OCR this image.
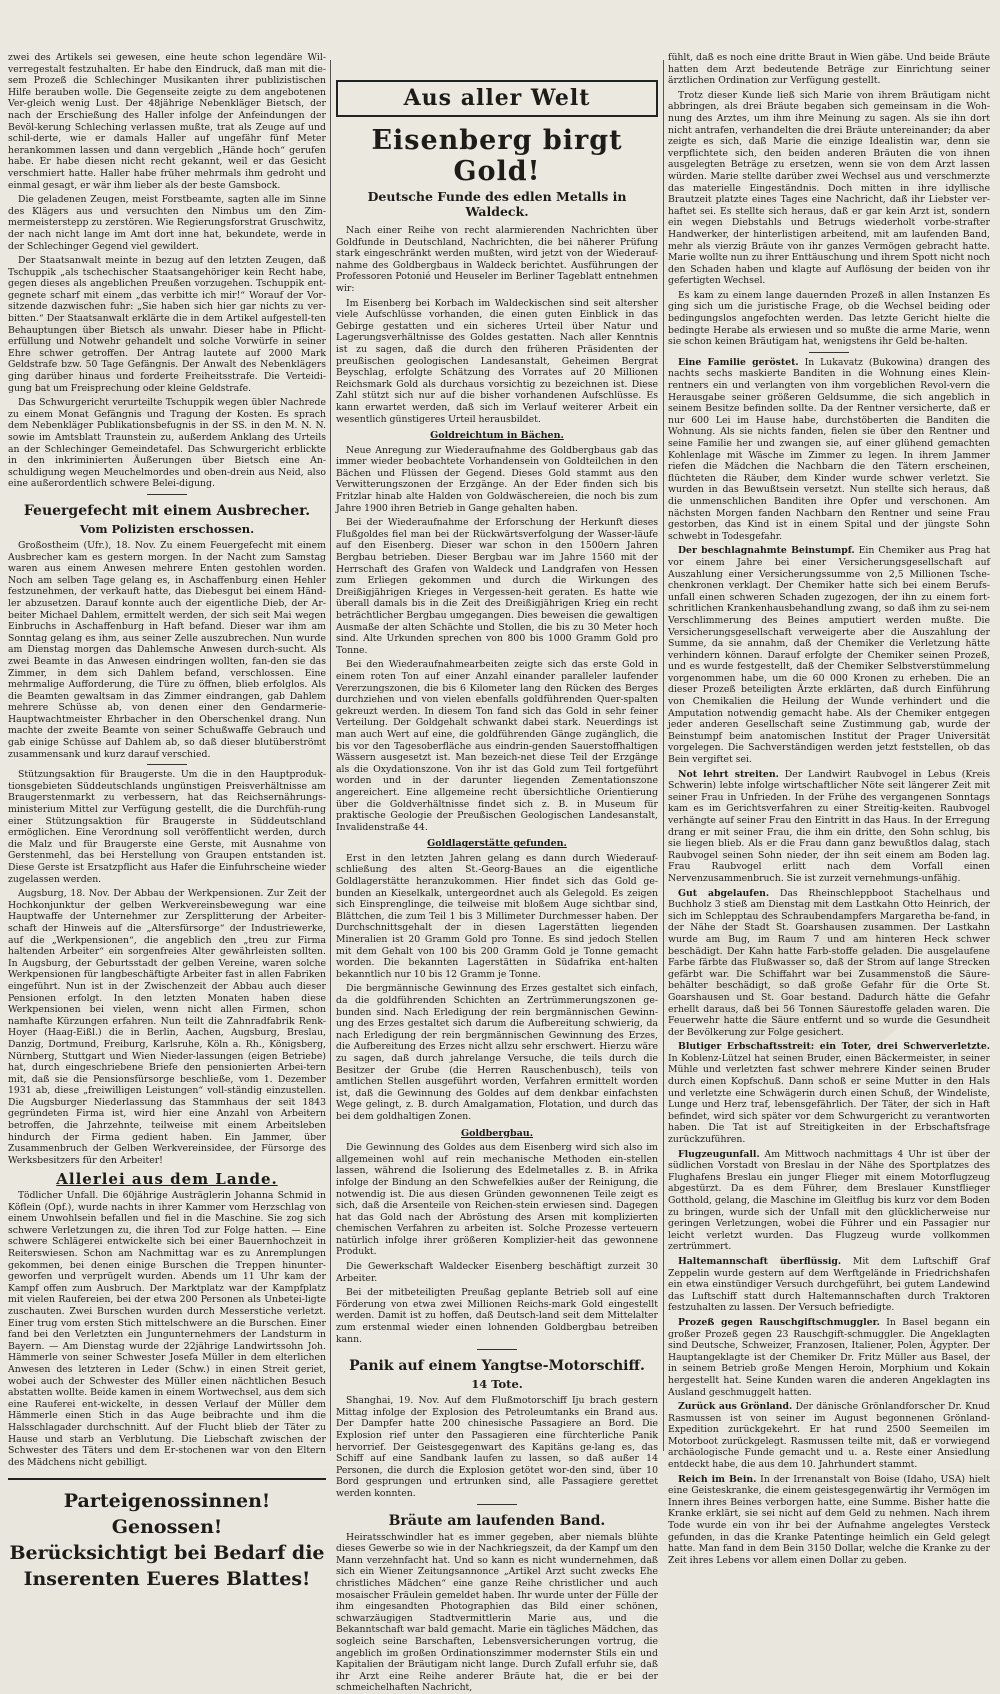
zwei des Artikels sei gewesen, eine heute schon legendäre Wil-verregestalt festzuhalten. Er habe den Eindruck, daß man mit die-sem Prozeß die Schlechinger Musikanten ihrer publizistischen Hilfe berauben wolle. Die Gegenseite zeigte zu dem angebotenen Ver-gleich wenig Lust. Der 48jährige Nebenkläger Bietsch, der nach der Erschießung des Haller infolge der Anfeindungen der Bevöl-kerung Schleching verlassen mußte, trat als Zeuge auf und schil-derte, wie er damals Haller auf ungefähr fünf Meter herankommen lassen und dann vergeblich „Hände hoch“ gerufen habe. Er habe diesen nicht recht gekannt, weil er das Gesicht verschmiert hatte. Haller habe früher mehrmals ihm gedroht und einmal gesagt, er wär ihm lieber als der beste Gamsbock.

Die geladenen Zeugen, meist Forstbeamte, sagten alle im Sinne des Klägers aus und versuchten den Nimbus um den Zim-mermeisterstepp zu zerstören. Wie Regierungsforstrat Gruschwitz, der nach nicht lange im Amt dort inne hat, bekundete, werde in der Schlechinger Gegend viel gewildert.

Der Staatsanwalt meinte in bezug auf den letzten Zeugen, daß Tschuppik „als tschechischer Staatsangehöriger kein Recht habe, gegen dieses als angeblichen Preußen vorzugehen. Tschuppik ent-gegnete scharf mit einem „das verbitte ich mir!“ Worauf der Vor-sitzende dazwischen fuhr: „Sie haben sich hier gar nichts zu ver-bitten.“ Der Staatsanwalt erklärte die in dem Artikel aufgestell-ten Behauptungen über Bietsch als unwahr. Dieser habe in Pflicht-erfüllung und Notwehr gehandelt und solche Vorwürfe in seiner Ehre schwer getroffen. Der Antrag lautete auf 2000 Mark Geldstrafe bzw. 50 Tage Gefängnis. Der Anwalt des Nebenklägers ging darüber hinaus und forderte Freiheitsstrafe. Die Verteidi-gung bat um Freisprechung oder kleine Geldstrafe.

Das Schwurgericht verurteilte Tschuppik wegen übler Nachrede zu einem Monat Gefängnis und Tragung der Kosten. Es sprach dem Nebenkläger Publikationsbefugnis in der SS. in den M. N. N. sowie im Amtsblatt Traunstein zu, außerdem Anklang des Urteils an der Schlechinger Gemeindetafel. Das Schwurgericht erblickte in den inkriminierten Äußerungen über Bietsch eine An-schuldigung wegen Meuchelmordes und oben-drein aus Neid, also eine außerordentlich schwere Belei-digung.

Feuergefecht mit einem Ausbrecher.
Vom Polizisten erschossen.

Großostheim (Ufr.), 18. Nov. Zu einem Feuergefecht mit einem Ausbrecher kam es gestern morgen. In der Nacht zum Samstag waren aus einem Anwesen mehrere Enten gestohlen worden. Noch am selben Tage gelang es, in Aschaffenburg einen Hehler festzunehmen, der verkauft hatte, das Diebesgut bei einem Händ-ler abzusetzen. Darauf konnte auch der eigentliche Dieb, der Ar-beiter Michael Dahlem, ermittelt werden, der sich seit Mai wegen Einbruchs in Aschaffenburg in Haft befand. Dieser war ihm am Sonntag gelang es ihm, aus seiner Zelle auszubrechen. Nun wurde am Dienstag morgen das Dahlemsche Anwesen durch-sucht. Als zwei Beamte in das Anwesen eindringen wollten, fan-den sie das Zimmer, in dem sich Dahlem befand, verschlossen. Eine mehrmalige Aufforderung, die Türe zu öffnen, blieb erfolglos. Als die Beamten gewaltsam in das Zimmer eindrangen, gab Dahlem mehrere Schüsse ab, von denen einer den Gendarmerie-Hauptwachtmeister Ehrbacher in den Oberschenkel drang. Nun machte der zweite Beamte von seiner Schußwaffe Gebrauch und gab einige Schüsse auf Dahlem ab, so daß dieser blutüberströmt zusammensank und kurz darauf verschied.

Stützungsaktion für Braugerste. Um die in den Hauptproduk-tionsgebieten Süddeutschlands ungünstigen Preisverhältnisse am Braugerstenmarkt zu verbessern, hat das Reichsernährungs-ministerium Mittel zur Verfügung gestellt, die die Durchfüh-rung einer Stützungsaktion für Braugerste in Süddeutschland ermöglichen. Eine Verordnung soll veröffentlicht werden, durch die Malz und für Braugerste eine Gerste, mit Ausnahme von Gerstenmehl, das bei Herstellung von Graupen entstanden ist. Diese Gerste ist Ersatzpflicht aus Hafer die Einfuhrscheine wieder zugelassen werden.

Augsburg, 18. Nov. Der Abbau der Werkpensionen. Zur Zeit der Hochkonjunktur der gelben Werkvereinsbewegung war eine Hauptwaffe der Unternehmer zur Zersplitterung der Arbeiter-schaft der Hinweis auf die „Altersfürsorge“ der Industriewerke, auf die „Werkpensionen“, die angeblich den „treu zur Firma haltenden Arbeiter“ ein sorgenfreies Alter gewährleisten sollten. In Augsburg, der Geburtsstadt der gelben Vereine, waren solche Werkpensionen für langbeschäftigte Arbeiter fast in allen Fabriken eingeführt. Nun ist in der Zwischenzeit der Abbau auch dieser Pensionen erfolgt. In den letzten Monaten haben diese Werkpensionen bei vielen, wenn nicht allen Firmen, schon namhafte Kürzungen erfahren. Nun teilt die Zahnradfabrik Renk-Hoyer (Haag-Eißl.) die in Berlin, Aachen, Augsburg, Breslau, Danzig, Dortmund, Freiburg, Karlsruhe, Köln a. Rh., Königsberg, Nürnberg, Stuttgart und Wien Nieder-lassungen (eigen Betriebe) hat, durch eingeschriebene Briefe den pensionierten Arbei-tern mit, daß sie die Pensionsfürsorge beschließe, vom 1. Dezember 1931 ab, diese „freiwilligen Leistungen“ voll-ständig einzustellen. Die Augsburger Niederlassung das Stammhaus der seit 1843 gegründeten Firma ist, wird hier eine Anzahl von Arbeitern betroffen, die Jahrzehnte, teilweise mit einem Arbeitsleben hindurch der Firma gedient haben. Ein Jammer, über Zusammenbruch der Gelben Werkvereinsidee, der Fürsorge des Werksbesitzers für den Arbeiter!

Allerlei aus dem Lande.

Tödlicher Unfall. Die 60jährige Austräglerin Johanna Schmid in Köflein (Opf.), wurde nachts in ihrer Kammer vom Herzschlag von einem Unwohlsein befallen und fiel in die Maschine. Sie zog sich schwere Verletzungen zu, die ihren Tod zur Folge hatten. — Eine schwere Schlägerei entwickelte sich bei einer Bauernhochzeit in Reiterswiesen. Schon am Nachmittag war es zu Anremplungen gekommen, bei denen einige Burschen die Treppen hinunter-geworfen und verprügelt wurden. Abends um 11 Uhr kam der Kampf offen zum Ausbruch. Der Marktplatz war der Kampfplatz mit vielen Raufereien, bei der etwa 200 Personen als Unbetei-ligte zuschauten. Zwei Burschen wurden durch Messerstiche verletzt. Einer trug vom ersten Stich mittelschwere an die Burschen. Einer fand bei den Verletzten ein Jungunternehmers der Landsturm in Bayern. — Am Dienstag wurde der 22jährige Landwirtssohn Joh. Hämmerle von seiner Schwester Josefa Müller in dem elterlichen Anwesen des letzteren in Leder (Schw.) in einen Streit geriet, wobei auch der Schwester des Müller einen nächtlichen Besuch abstatten wollte. Beide kamen in einem Wortwechsel, aus dem sich eine Rauferei ent-wickelte, in dessen Verlauf der Müller dem Hämmerle einen Stich in das Auge beibrachte und ihm die Halsschlagader durchschnitt. Auf der Flucht blieb der Täter zu Hause und starb an Verblutung. Die Liebschaft zwischen der Schwester des Täters und dem Er-stochenen war von den Eltern des Mädchens nicht gebilligt.

Parteigenossinnen! Genossen!
Berücksichtigt bei Bedarf die
Inserenten Eueres Blattes!
Aus aller Welt
Eisenberg birgt Gold!
Deutsche Funde des edlen Metalls in Waldeck.

Nach einer Reihe von recht alarmierenden Nachrichten über Goldfunde in Deutschland, Nachrichten, die bei näherer Prüfung stark eingeschränkt werden mußten, wird jetzt von der Wiederauf-nahme des Goldbergbaus in Waldeck berichtet. Ausführungen der Professoren Potonié und Heuseler im Berliner Tageblatt entnehmen wir:

Im Eisenberg bei Korbach im Waldeckischen sind seit altersher viele Aufschlüsse vorhanden, die einen guten Einblick in das Gebirge gestatten und ein sicheres Urteil über Natur und Lagerungsverhältnisse des Goldes gestatten. Nach aller Kenntnis ist zu sagen, daß die durch den früheren Präsidenten der preußischen geologischen Landesanstalt, Geheimen Bergrat Beyschlag, erfolgte Schätzung des Vorrates auf 20 Millionen Reichsmark Gold als durchaus vorsichtig zu bezeichnen ist. Diese Zahl stützt sich nur auf die bisher vorhandenen Aufschlüsse. Es kann erwartet werden, daß sich im Verlauf weiterer Arbeit ein wesentlich günstigeres Urteil herausbildet.

Goldreichtum in Bächen.

Neue Anregung zur Wiederaufnahme des Goldbergbaus gab das immer wieder beobachtete Vorhandensein von Goldteilchen in den Bächen und Flüssen der Gegend. Dieses Gold stammt aus den Verwitterungszonen der Erzgänge. An der Eder finden sich bis Fritzlar hinab alte Halden von Goldwäschereien, die noch bis zum Jahre 1900 ihren Betrieb in Gange gehalten haben.

Bei der Wiederaufnahme der Erforschung der Herkunft dieses Flußgoldes fiel man bei der Rückwärtsverfolgung der Wasser-läufe auf den Eisenberg. Dieser war schon in den 1500ern Jahren Bergbau betrieben. Dieser Bergbau war im Jahre 1560 mit der Herrschaft des Grafen von Waldeck und Landgrafen von Hessen zum Erliegen gekommen und durch die Wirkungen des Dreißigjährigen Krieges in Vergessen-heit geraten. Es hatte wie überall damals bis in die Zeit des Dreißigjährigen Krieg ein recht beträchtlicher Bergbau umgegangen. Dies beweisen die gewaltigen Ausmaße der alten Schächte und Stollen, die bis zu 30 Meter hoch sind. Alte Urkunden sprechen von 800 bis 1000 Gramm Gold pro Tonne.

Bei den Wiederaufnahmearbeiten zeigte sich das erste Gold in einem roten Ton auf einer Anzahl einander paralleler laufender Vererzungszonen, die bis 6 Kilometer lang den Rücken des Berges durchziehen und von vielen ebenfalls goldführenden Quer-spalten gekreuzt werden. In diesem Ton fand sich das Gold in sehr feiner Verteilung. Der Goldgehalt schwankt dabei stark. Neuerdings ist man auch Wert auf eine, die goldführenden Gänge zugänglich, die bis vor den Tagesoberfläche aus eindrin-genden Sauerstoffhaltigen Wässern ausgesetzt ist. Man bezeich-net diese Teil der Erzgänge als die Oxydationszone. Von ihr ist das Gold zum Teil fortgeführt worden und in der darunter liegenden Zementationszone angereichert. Eine allgemeine recht übersichtliche Orientierung über die Goldverhältnisse findet sich z. B. in Museum für praktische Geologie der Preußischen Geologischen Landesanstalt, Invalidenstraße 44.

Goldlagerstätte gefunden.

Erst in den letzten Jahren gelang es dann durch Wiederauf-schließung des alten St.-Georg-Baues an die eigentliche Goldlagerstätte heranzukommen. Hier findet sich das Gold ge-bunden an Kieselkalk, untergeordnet auch als Gelegold. Es zeigen sich Einsprenglinge, die teilweise mit bloßem Auge sichtbar sind, Blättchen, die zum Teil 1 bis 3 Millimeter Durchmesser haben. Der Durchschnittsgehalt der in diesen Lagerstätten liegenden Mineralien ist 20 Gramm Gold pro Tonne. Es sind jedoch Stellen mit dem Gehalt von 100 bis 200 Gramm Gold je Tonne gemacht worden. Die bekannten Lagerstätten in Südafrika ent-halten bekanntlich nur 10 bis 12 Gramm je Tonne.

Die bergmännische Gewinnung des Erzes gestaltet sich einfach, da die goldführenden Schichten an Zertrümmerungszonen ge-bunden sind. Nach Erledigung der rein bergmännischen Gewinn-ung des Erzes gestaltet sich darum die Aufbereitung schwierig, da nach Erledigung der rein bergmännischen Gewinnung des Erzes, die Aufbereitung des Erzes nicht allzu sehr erschwert. Hierzu wäre zu sagen, daß durch jahrelange Versuche, die teils durch die Besitzer der Grube (die Herren Rauschenbusch), teils von amtlichen Stellen ausgeführt worden, Verfahren ermittelt worden ist, daß die Gewinnung des Goldes auf dem denkbar einfachsten Wege gelingt, z. B. durch Amalgamation, Flotation, und durch das bei dem goldhaltigen Zonen.

Goldbergbau.

Die Gewinnung des Goldes aus dem Eisenberg wird sich also im allgemeinen wohl auf rein mechanische Methoden ein-stellen lassen, während die Isolierung des Edelmetalles z. B. in Afrika infolge der Bindung an den Schwefelkies außer der Reinigung, die notwendig ist. Die aus diesen Gründen gewonnenen Teile zeigt es sich, daß die Arsenteile von Reichen-stein erwiesen sind. Dagegen hat das Gold nach der Abröstung des Arsen mit komplizierten chemischen Verfahren zu arbeiten ist. Solche Prozesse verteuern natürlich infolge ihrer größeren Komplizier-heit das gewonnene Produkt.

Die Gewerkschaft Waldecker Eisenberg beschäftigt zurzeit 30 Arbeiter.

Bei der mitbeteiligten Preußag geplante Betrieb soll auf eine Förderung von etwa zwei Millionen Reichs-mark Gold eingestellt werden. Damit ist zu hoffen, daß Deutsch-land seit dem Mittelalter zum erstenmal wieder einen lohnenden Goldbergbau betreiben kann.

Panik auf einem Yangtse-Motorschiff.
14 Tote.

Shanghai, 19. Nov. Auf dem Flußmotorschiff Iju brach gestern Mittag infolge der Explosion des Petroleumtanks ein Brand aus. Der Dampfer hatte 200 chinesische Passagiere an Bord. Die Explosion rief unter den Passagieren eine fürchterliche Panik hervorrief. Der Geistesgegenwart des Kapitäns ge-lang es, das Schiff auf eine Sandbank laufen zu lassen, so daß außer 14 Personen, die durch die Explosion getötet wor-den sind, über 10 Bord gesprungen und ertrunken sind, alle Passagiere gerettet werden konnten.

Bräute am laufenden Band.

Heiratsschwindler hat es immer gegeben, aber niemals blühte dieses Gewerbe so wie in der Nachkriegszeit, da der Kampf um den Mann verzehnfacht hat. Und so kann es nicht wundernehmen, daß sich ein Wiener Zeitungsannonce „Artikel Arzt sucht zwecks Ehe christliches Mädchen“ eine ganze Reihe christlicher und auch mosaischer Fräulein gemeldet haben. Ihr wurde unter der Fülle der ihm eingesandten Photographien das Bild einer schönen, schwarzäugigen Stadtvermittlerin Marie aus, und die Bekanntschaft war bald gemacht. Marie ein tägliches Mädchen, das sogleich seine Barschaften, Lebensversicherungen vortrug, die angeblich im großen Ordinationszimmer modernster Stils ein und Kapitalien der Bräutigam nicht lange. Durch Zufall erfuhr sie, daß ihr Arzt eine Reihe anderer Bräute hat, die er bei der schmeichelhaften Nachricht,

fühlt, daß es noch eine dritte Braut in Wien gäbe. Und beide Bräute hatten dem Arzt bedeutende Beträge zur Einrichtung seiner ärztlichen Ordination zur Verfügung gestellt.

Trotz dieser Kunde ließ sich Marie von ihrem Bräutigam nicht abbringen, als drei Bräute begaben sich gemeinsam in die Woh-nung des Arztes, um ihm ihre Meinung zu sagen. Als sie ihn dort nicht antrafen, verhandelten die drei Bräute untereinander; da aber zeigte es sich, daß Marie die einzige Idealistin war, denn sie verpflichtete sich, den beiden anderen Bräuten die von ihnen ausgelegten Beträge zu ersetzen, wenn sie von dem Arzt lassen würden. Marie stellte darüber zwei Wechsel aus und verschmerzte das materielle Eingeständnis. Doch mitten in ihre idyllische Brautzeit platzte eines Tages eine Nachricht, daß ihr Liebster ver-haftet sei. Es stellte sich heraus, daß er gar kein Arzt ist, sondern ein wegen Diebstahls und Betrugs wiederholt vorbe-strafter Handwerker, der hinterlistigen arbeitend, mit am laufenden Band, mehr als vierzig Bräute von ihr ganzes Vermögen gebracht hatte. Marie wollte nun zu ihrer Enttäuschung und ihrem Spott nicht noch den Schaden haben und klagte auf Auflösung der beiden von ihr gefertigten Wechsel.

Es kam zu einem lange dauernden Prozeß in allen Instanzen Es ging sich um die juristische Frage, ob die Wechsel beiding oder bedingungslos angefochten werden. Das letzte Gericht hielte die bedingte Herabe als erwiesen und so mußte die arme Marie, wenn sie schon keinen Bräutigam hat, wenigstens ihr Geld be-halten.

Eine Familie geröstet. In Lukavatz (Bukowina) drangen des nachts sechs maskierte Banditen in die Wohnung eines Klein-rentners ein und verlangten von ihm vorgeblichen Revol-vern die Herausgabe seiner größeren Geldsumme, die sich angeblich in seinem Besitze befinden sollte. Da der Rentner versicherte, daß er nur 600 Lei im Hause habe, durchstöberten die Banditen die Wohnung. Als sie nichts fanden, fielen sie über den Rentner und seine Familie her und zwangen sie, auf einer glühend gemachten Kohlenlage mit Wäsche im Zimmer zu legen. In ihrem Jammer riefen die Mädchen die Nachbarn die den Tätern erscheinen, flüchteten die Räuber, dem Kinder wurde schwer verletzt. Sie wurden in das Bewußtsein versetzt. Nun stellte sich heraus, daß die unmenschlichen Banditen ihre Opfer und verschonen. Am nächsten Morgen fanden Nachbarn den Rentner und seine Frau gestorben, das Kind ist in einem Spital und der jüngste Sohn schwebt in Todesgefahr.

Der beschlagnahmte Beinstumpf. Ein Chemiker aus Prag hat vor einem Jahre bei einer Versicherungsgesellschaft auf Auszahlung einer Versicherungssumme von 2,5 Millionen Tsche-chenkronen verklagt. Der Chemiker hatte sich bei einem Berufs-unfall einen schweren Schaden zugezogen, der ihn zu einem fort-schritlichen Krankenhausbehandlung zwang, so daß ihm zu sei-nem Verschlimmerung des Beines amputiert werden mußte. Die Versicherungsgesellschaft verweigerte aber die Auszahlung der Summe, da sie annahm, daß der Chemiker die Verletzung hätte verhindern können. Darauf erfolgte der Chemiker seinen Prozeß, und es wurde festgestellt, daß der Chemiker Selbstverstümmelung vorgenommen habe, um die 60 000 Kronen zu erheben. Die an dieser Prozeß beteiligten Ärzte erklärten, daß durch Einführung von Chemikalien die Heilung der Wunde verhindert und die Amputation notwendig gemacht habe. Als der Chemiker entgegen jeder anderen Gesellschaft seine Zustimmung gab, wurde der Beinstumpf beim anatomischen Institut der Prager Universität vorgelegen. Die Sachverständigen werden jetzt feststellen, ob das Bein vergiftet sei.

Not lehrt streiten. Der Landwirt Raubvogel in Lebus (Kreis Schwerin) lebte infolge wirtschaftlicher Nöte seit längerer Zeit mit seiner Frau in Unfrieden. In der Frühe des vergangenen Sonntags kam es im Gerichtsverfahren zu einer Streitig-keiten. Raubvogel verhängte auf seiner Frau den Eintritt in das Haus. In der Erregung drang er mit seiner Frau, die ihm ein dritte, den Sohn schlug, bis sie liegen blieb. Als er die Frau dann ganz bewußtlos dalag, stach Raubvogel seinen Sohn nieder, der ihn seit einem am Boden lag. Frau Raubvogel erlitt nach dem Vorfall einen Nervenzusammenbruch. Sie ist zurzeit vernehmungs-unfähig.

Gut abgelaufen. Das Rheinschleppboot Stachelhaus und Buchholz 3 stieß am Dienstag mit dem Lastkahn Otto Heinrich, der sich im Schlepptau des Schraubendampfers Margaretha be-fand, in der Nähe der Stadt St. Goarshausen zusammen. Der Lastkahn wurde am Bug, im Raum 7 und am hinteren Heck schwer beschädigt. Der Kahn hatte Farb-stoffe geladen. Die ausgelaufene Farbe färbte das Flußwasser so, daß der Strom auf lange Strecken gefärbt war. Die Schiffahrt war bei Zusammenstoß die Säure-behälter beschädigt, so daß große Gefahr für die Orte St. Goarshausen und St. Goar bestand. Dadurch hätte die Gefahr erhellt daraus, daß bei 56 Tonnen Säurestoffe geladen waren. Die Feuerwehr hatte die Säure entfernt und so wurde die Gesundheit der Bevölkerung zur Folge gesichert.

Blutiger Erbschaftsstreit: ein Toter, drei Schwerverletzte. In Koblenz-Lützel hat seinen Bruder, einen Bäckermeister, in seiner Mühle und verletzten fast schwer mehrere Kinder seinen Bruder durch einen Kopfschuß. Dann schoß er seine Mutter in den Hals und verletzte eine Schwägerin durch einen Schuß, der Windeliste, Lunge und Herz traf, lebensgefährlich. Der Täter, der sich in Haft befindet, wird sich später vor dem Schwurgericht zu verantworten haben. Die Tat ist auf Streitigkeiten in der Erbschaftsfrage zurückzuführen.

Flugzeugunfall. Am Mittwoch nachmittags 4 Uhr ist über der südlichen Vorstadt von Breslau in der Nähe des Sportplatzes des Flughafens Breslau ein junger Flieger mit einem Motorflugzeug abgestürzt. Da es dem Führer, dem Breslauer Kunstflieger Gotthold, gelang, die Maschine im Gleitflug bis kurz vor dem Boden zu bringen, wurde sich der Unfall mit den glücklicherweise nur geringen Verletzungen, wobei die Führer und ein Passagier nur leicht verletzt wurden. Das Flugzeug wurde vollkommen zertrümmert.

Haltemannschaft überflüssig. Mit dem Luftschiff Graf Zeppelin wurde gestern auf dem Werftgelände in Friedrichshafen ein etwa einstündiger Versuch durchgeführt, bei gutem Landewind das Luftschiff statt durch Haltemannschaften durch Traktoren festzuhalten zu lassen. Der Versuch befriedigte.

Prozeß gegen Rauschgiftschmuggler. In Basel begann ein großer Prozeß gegen 23 Rauschgift-schmuggler. Die Angeklagten sind Deutsche, Schweizer, Franzosen, Italiener, Polen, Ägypter. Der Hauptangeklagte ist der Chemiker Dr. Fritz Müller aus Basel, der in seinem Betrieb große Mengen Heroin, Morphium und Kokain hergestellt hat. Seine Kunden waren die anderen Angeklagten ins Ausland geschmuggelt hatten.

Zurück aus Grönland. Der dänische Grönlandforscher Dr. Knud Rasmussen ist von seiner im August begonnenen Grönland-Expedition zurückgekehrt. Er hat rund 2500 Seemeilen im Motorboot zurückgelegt. Rasmussen teilte mit, daß er vorwiegend archäologische Funde gemacht und u. a. Reste einer Ansiedlung entdeckt habe, die aus dem 10. Jahrhundert stammt.

Reich im Bein. In der Irrenanstalt von Boise (Idaho, USA) hielt eine Geisteskranke, die einem geistesgegenwärtig ihr Vermögen im Innern ihres Beines verborgen hatte, eine Summe. Bisher hatte die Kranke erklärt, sie sei nicht auf dem Geld zu nehmen. Nach ihrem Tode wurde ein von ihr bei der Aufnahme angelegtes Versteck gefunden, in das die Kranke Patentinge heimlich ein Geld gelegt hatte. Man fand in dem Bein 3150 Dollar, welche die Kranke zu der Zeit ihres Lebens vor allem einen Dollar zu geben.
